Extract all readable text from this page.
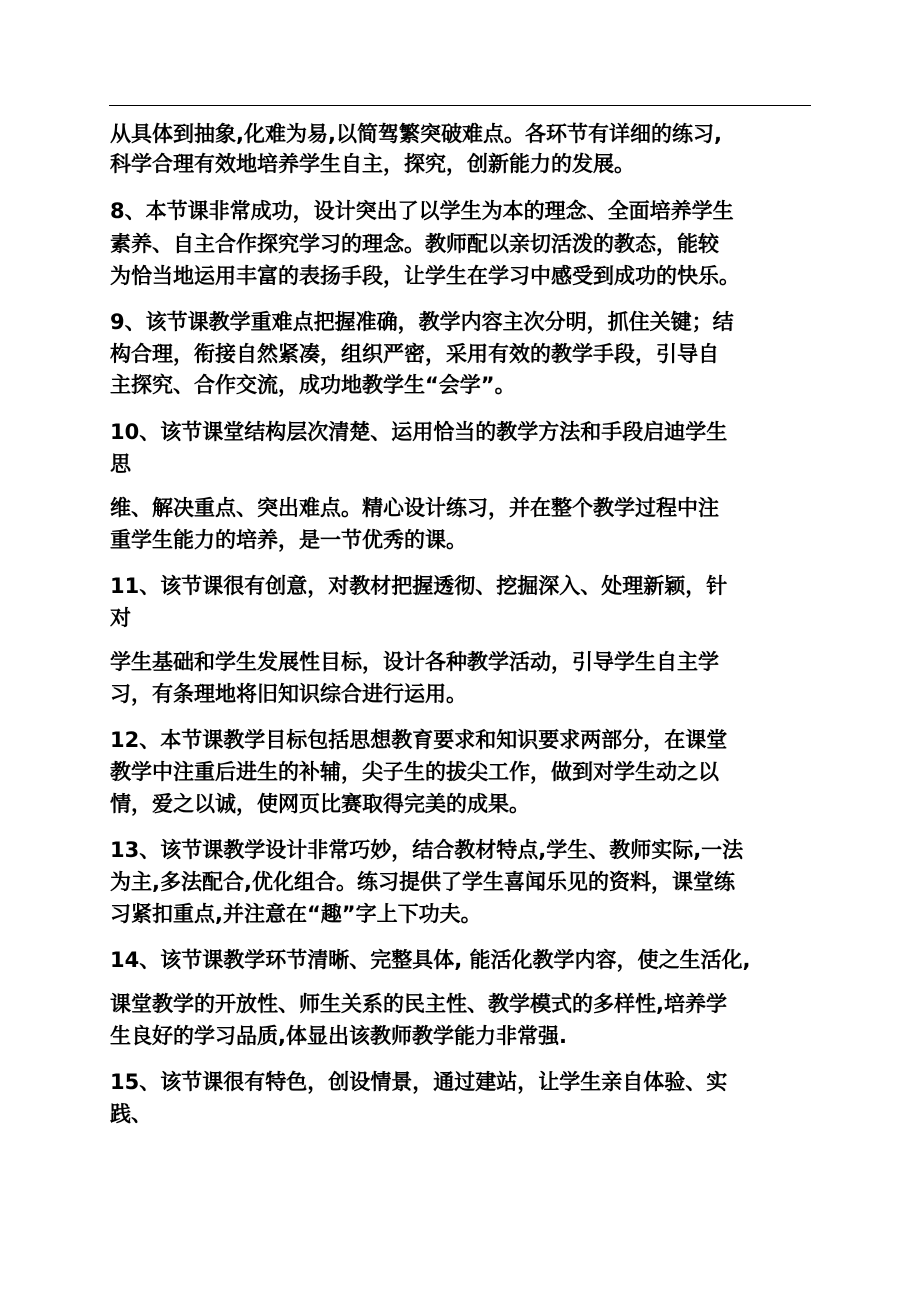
从具体到抽象,化难为易,以简驾繁突破难点。各环节有详细的练习,
科学合理有效地培养学生自主，探究，创新能力的发展。
8、本节课非常成功，设计突出了以学生为本的理念、全面培养学生
素养、自主合作探究学习的理念。教师配以亲切活泼的教态，能较
为恰当地运用丰富的表扬手段，让学生在学习中感受到成功的快乐。
9、该节课教学重难点把握准确，教学内容主次分明，抓住关键；结
构合理，衔接自然紧凑，组织严密，采用有效的教学手段，引导自
主探究、合作交流，成功地教学生“会学”。
10、该节课堂结构层次清楚、运用恰当的教学方法和手段启迪学生
思
维、解决重点、突出难点。精心设计练习，并在整个教学过程中注
重学生能力的培养，是一节优秀的课。
11、该节课很有创意，对教材把握透彻、挖掘深入、处理新颖，针
对
学生基础和学生发展性目标，设计各种教学活动，引导学生自主学
习，有条理地将旧知识综合进行运用。
12、本节课教学目标包括思想教育要求和知识要求两部分，在课堂
教学中注重后进生的补辅，尖子生的拔尖工作，做到对学生动之以
情，爱之以诚，使网页比赛取得完美的成果。
13、该节课教学设计非常巧妙，结合教材特点,学生、教师实际,一法
为主,多法配合,优化组合。练习提供了学生喜闻乐见的资料，课堂练
习紧扣重点,并注意在“趣”字上下功夫。
14、该节课教学环节清晰、完整具体, 能活化教学内容，使之生活化,
课堂教学的开放性、师生关系的民主性、教学模式的多样性,培养学
生良好的学习品质,体显出该教师教学能力非常强.
15、该节课很有特色，创设情景，通过建站，让学生亲自体验、实
践、
